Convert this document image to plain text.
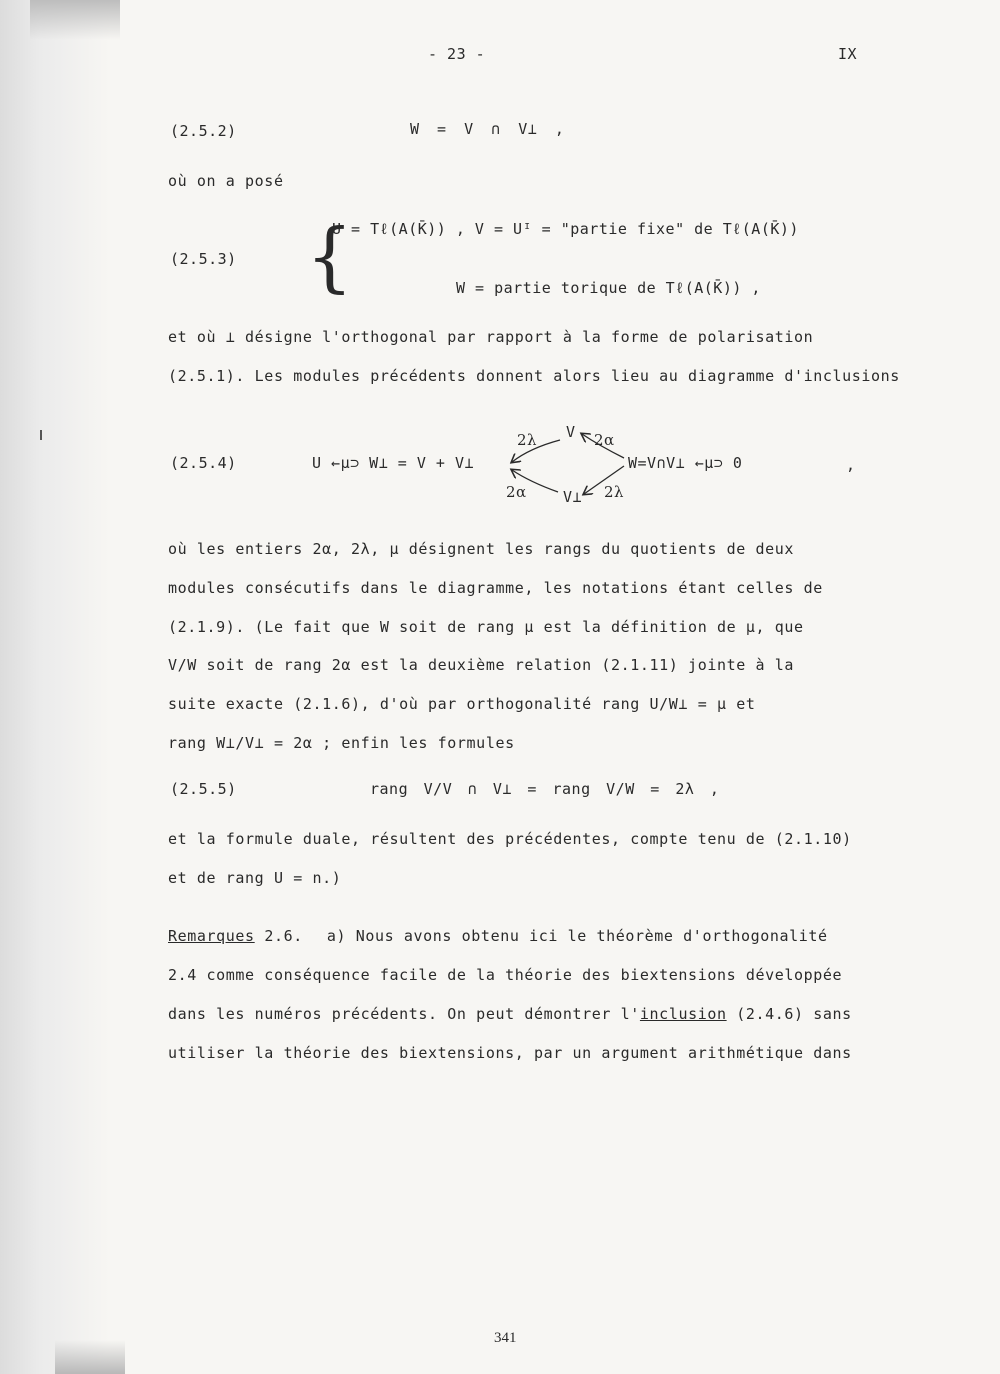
- 23 -	IX
(2.5.2)	W = V ∩ V⊥ ,
où on a posé
{
(2.5.3)
U = Tℓ(A(K̄)) , V = Uᴵ = "partie fixe" de Tℓ(A(K̄))
W = partie torique de Tℓ(A(K̄)) ,
et où ⊥ désigne l'orthogonal par rapport à la forme de polarisation
(2.5.1). Les modules précédents donnent alors lieu au diagramme d'inclusions
(2.5.4)	U ←μ⊃ W⊥ = V + V⊥	W=V∩V⊥ ←μ⊃ 0
V
V⊥
2λ	2α
2α	2λ
,
où les entiers 2α, 2λ, μ désignent les rangs du quotients de deux
modules consécutifs dans le diagramme, les notations étant celles de
(2.1.9). (Le fait que W soit de rang μ est la définition de μ, que
V/W soit de rang 2α est la deuxième relation (2.1.11) jointe à la
suite exacte (2.1.6), d'où par orthogonalité rang U/W⊥ = μ et
rang W⊥/V⊥ = 2α ; enfin les formules
(2.5.5)	rang V/V ∩ V⊥ = rang V/W = 2λ ,
et la formule duale, résultent des précédentes, compte tenu de (2.1.10)
et de rang U = n.)
Remarques 2.6. a) Nous avons obtenu ici le théorème d'orthogonalité
2.4 comme conséquence facile de la théorie des biextensions développée
dans les numéros précédents. On peut démontrer l'inclusion (2.4.6) sans
utiliser la théorie des biextensions, par un argument arithmétique dans
341
